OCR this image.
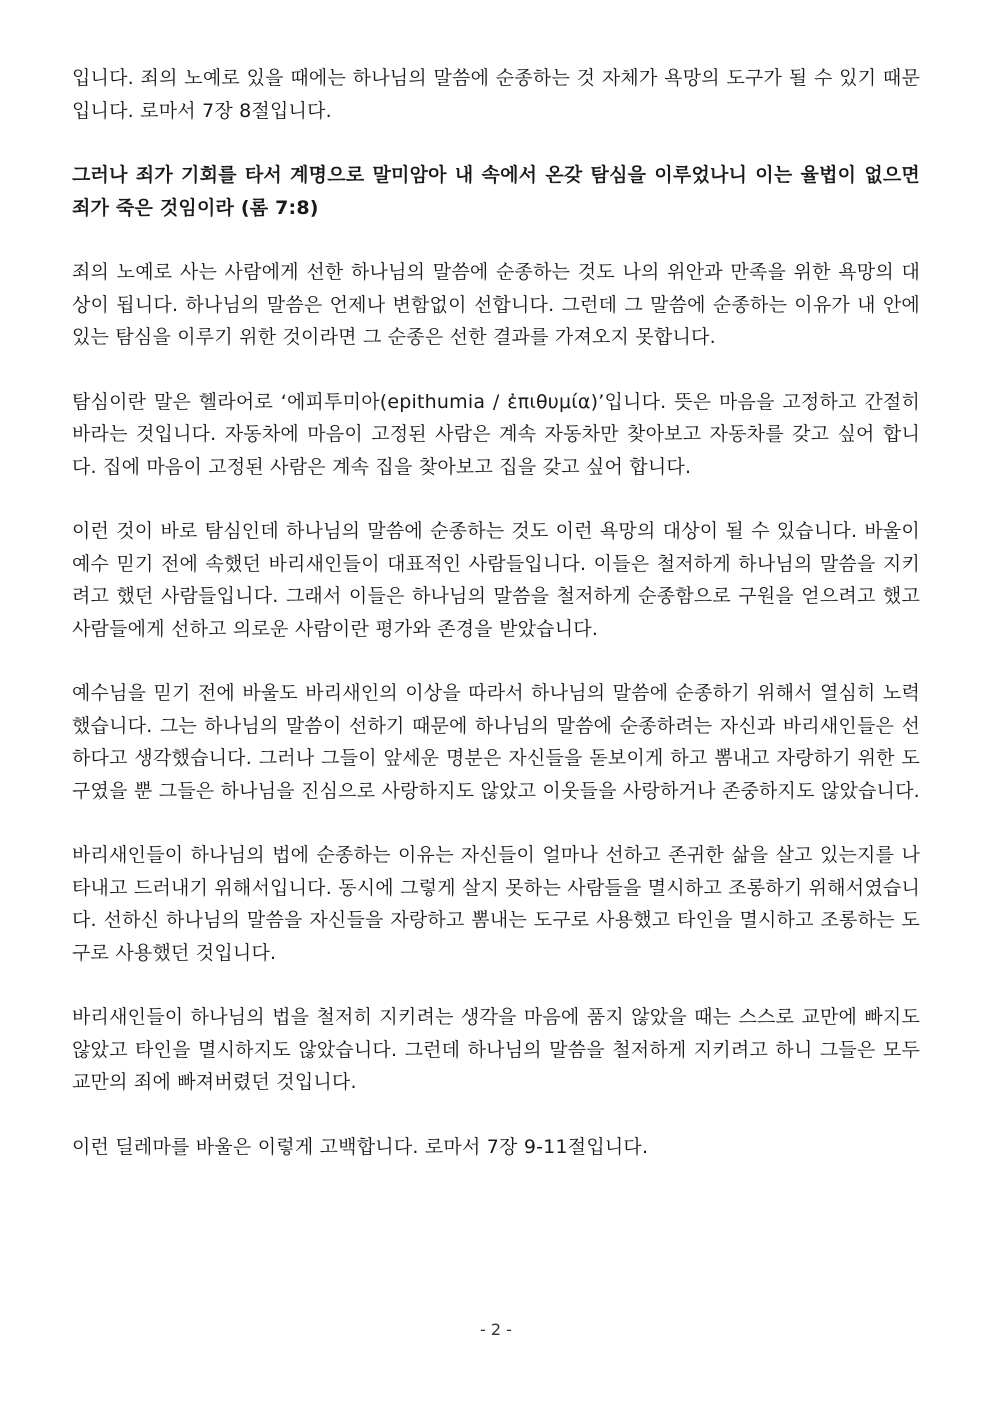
입니다. 죄의 노예로 있을 때에는 하나님의 말씀에 순종하는 것 자체가 욕망의 도구가 될 수 있기 때문입니다. 로마서 7장 8절입니다.

그러나 죄가 기회를 타서 계명으로 말미암아 내 속에서 온갖 탐심을 이루었나니 이는 율법이 없으면 죄가 죽은 것임이라 (롬 7:8)

죄의 노예로 사는 사람에게 선한 하나님의 말씀에 순종하는 것도 나의 위안과 만족을 위한 욕망의 대상이 됩니다. 하나님의 말씀은 언제나 변함없이 선합니다. 그런데 그 말씀에 순종하는 이유가 내 안에 있는 탐심을 이루기 위한 것이라면 그 순종은 선한 결과를 가져오지 못합니다.

탐심이란 말은 헬라어로 ‘에피투미아(epithumia / ἐπιθυμία)’입니다. 뜻은 마음을 고정하고 간절히 바라는 것입니다. 자동차에 마음이 고정된 사람은 계속 자동차만 찾아보고 자동차를 갖고 싶어 합니다. 집에 마음이 고정된 사람은 계속 집을 찾아보고 집을 갖고 싶어 합니다.

이런 것이 바로 탐심인데 하나님의 말씀에 순종하는 것도 이런 욕망의 대상이 될 수 있습니다. 바울이 예수 믿기 전에 속했던 바리새인들이 대표적인 사람들입니다. 이들은 철저하게 하나님의 말씀을 지키려고 했던 사람들입니다. 그래서 이들은 하나님의 말씀을 철저하게 순종함으로 구원을 얻으려고 했고 사람들에게 선하고 의로운 사람이란 평가와 존경을 받았습니다.

예수님을 믿기 전에 바울도 바리새인의 이상을 따라서 하나님의 말씀에 순종하기 위해서 열심히 노력했습니다. 그는 하나님의 말씀이 선하기 때문에 하나님의 말씀에 순종하려는 자신과 바리새인들은 선하다고 생각했습니다. 그러나 그들이 앞세운 명분은 자신들을 돋보이게 하고 뽐내고 자랑하기 위한 도구였을 뿐 그들은 하나님을 진심으로 사랑하지도 않았고 이웃들을 사랑하거나 존중하지도 않았습니다.

바리새인들이 하나님의 법에 순종하는 이유는 자신들이 얼마나 선하고 존귀한 삶을 살고 있는지를 나타내고 드러내기 위해서입니다. 동시에 그렇게 살지 못하는 사람들을 멸시하고 조롱하기 위해서였습니다. 선하신 하나님의 말씀을 자신들을 자랑하고 뽐내는 도구로 사용했고 타인을 멸시하고 조롱하는 도구로 사용했던 것입니다.

바리새인들이 하나님의 법을 철저히 지키려는 생각을 마음에 품지 않았을 때는 스스로 교만에 빠지도 않았고 타인을 멸시하지도 않았습니다. 그런데 하나님의 말씀을 철저하게 지키려고 하니 그들은 모두 교만의 죄에 빠져버렸던 것입니다.

이런 딜레마를 바울은 이렇게 고백합니다. 로마서 7장 9-11절입니다.

- 2 -
